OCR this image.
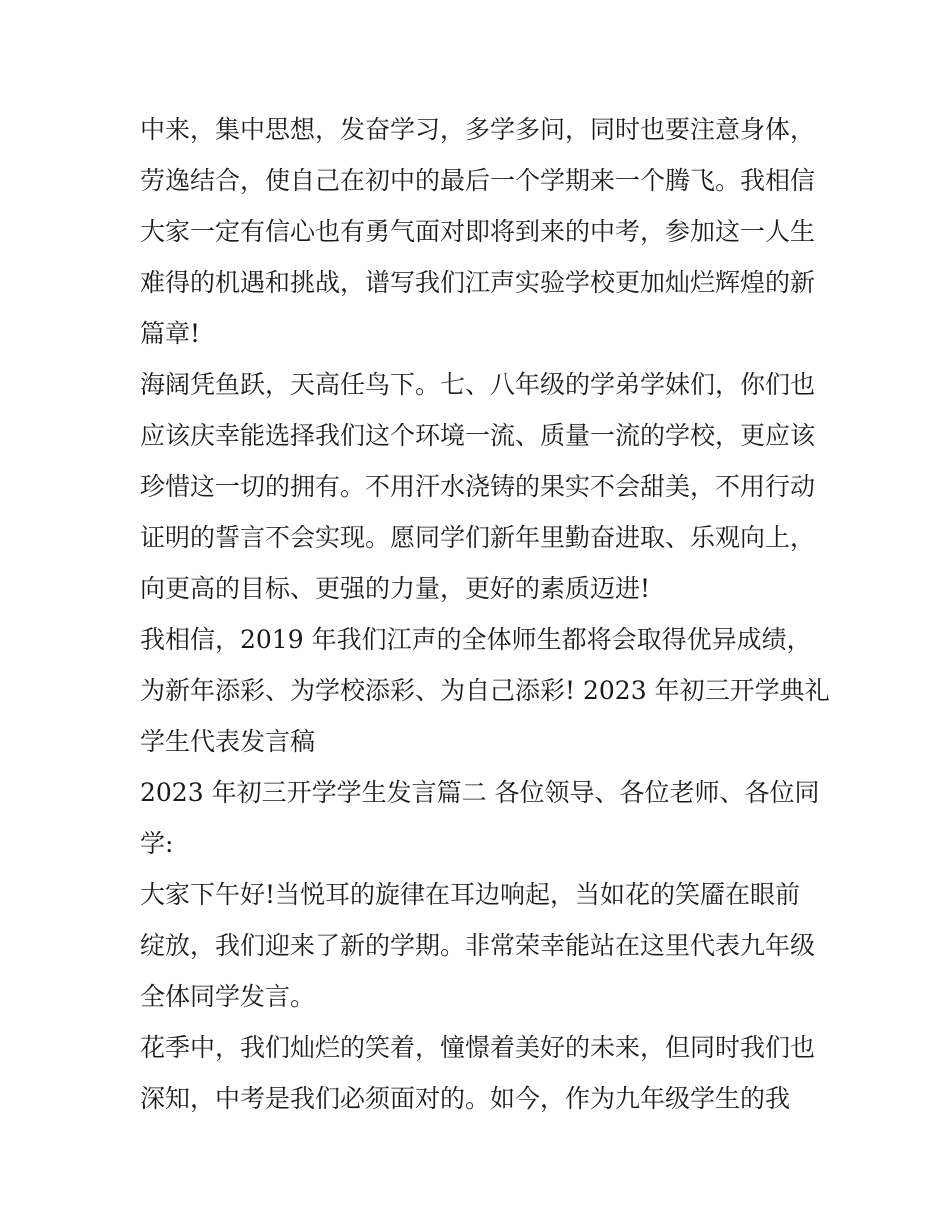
中来，集中思想，发奋学习，多学多问，同时也要注意身体，
劳逸结合，使自己在初中的最后一个学期来一个腾飞。我相信
大家一定有信心也有勇气面对即将到来的中考，参加这一人生
难得的机遇和挑战，谱写我们江声实验学校更加灿烂辉煌的新
篇章!
海阔凭鱼跃，天高任鸟下。七、八年级的学弟学妹们，你们也
应该庆幸能选择我们这个环境一流、质量一流的学校，更应该
珍惜这一切的拥有。不用汗水浇铸的果实不会甜美，不用行动
证明的誓言不会实现。愿同学们新年里勤奋进取、乐观向上，
向更高的目标、更强的力量，更好的素质迈进!
我相信，2019 年我们江声的全体师生都将会取得优异成绩，
为新年添彩、为学校添彩、为自己添彩! 2023 年初三开学典礼
学生代表发言稿
2023 年初三开学学生发言篇二 各位领导、各位老师、各位同
学:
大家下午好!当悦耳的旋律在耳边响起，当如花的笑靥在眼前
绽放，我们迎来了新的学期。非常荣幸能站在这里代表九年级
全体同学发言。
花季中，我们灿烂的笑着，憧憬着美好的未来，但同时我们也
深知，中考是我们必须面对的。如今，作为九年级学生的我
